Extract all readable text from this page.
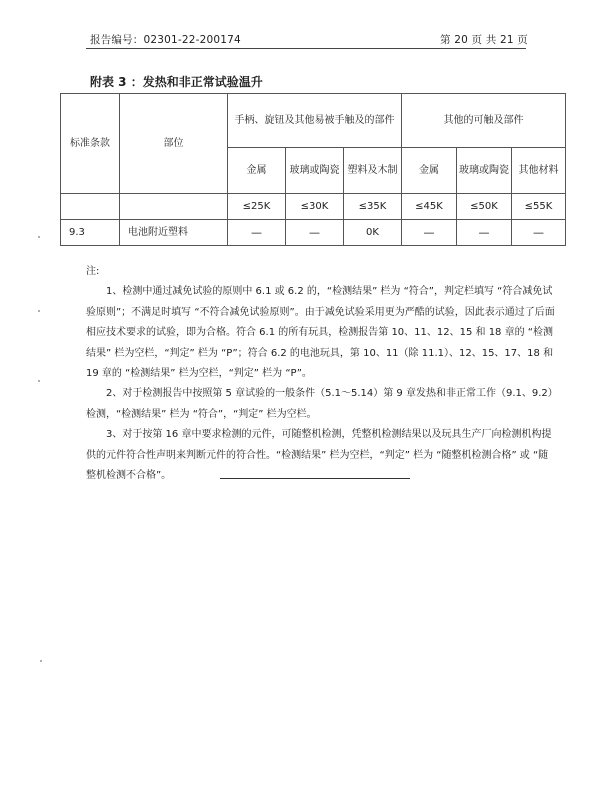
报告编号：02301-22-200174	第 20 页 共 21 页
附表 3 ：发热和非正常试验温升
标准条款	部位	手柄、旋钮及其他易被手触及的部件			其他的可触及部件		
		金属	玻璃或陶瓷	塑料及木制	金属	玻璃或陶瓷	其他材料
		≤25K	≤30K	≤35K	≤45K	≤50K	≤55K
9.3	电池附近塑料	—	—	0K	—	—	—

注:

1、检测中通过减免试验的原则中 6.1 或 6.2 的，“检测结果” 栏为 “符合”，判定栏填写 “符合减免试验原则”；不满足时填写 “不符合减免试验原则”。由于减免试验采用更为严酷的试验，因此表示通过了后面相应技术要求的试验，即为合格。符合 6.1 的所有玩具，检测报告第 10、11、12、15 和 18 章的 “检测结果” 栏为空栏，“判定” 栏为 “P”；符合 6.2 的电池玩具，第 10、11（除 11.1）、12、15、17、18 和 19 章的 “检测结果” 栏为空栏，“判定” 栏为 “P”。

2、对于检测报告中按照第 5 章试验的一般条件（5.1～5.14）第 9 章发热和非正常工作（9.1、9.2）检测，“检测结果” 栏为 “符合”，“判定” 栏为空栏。

3、对于按第 16 章中要求检测的元件，可随整机检测，凭整机检测结果以及玩具生产厂向检测机构提供的元件符合性声明来判断元件的符合性。“检测结果” 栏为空栏，“判定” 栏为 “随整机检测合格” 或 “随整机检测不合格”。
